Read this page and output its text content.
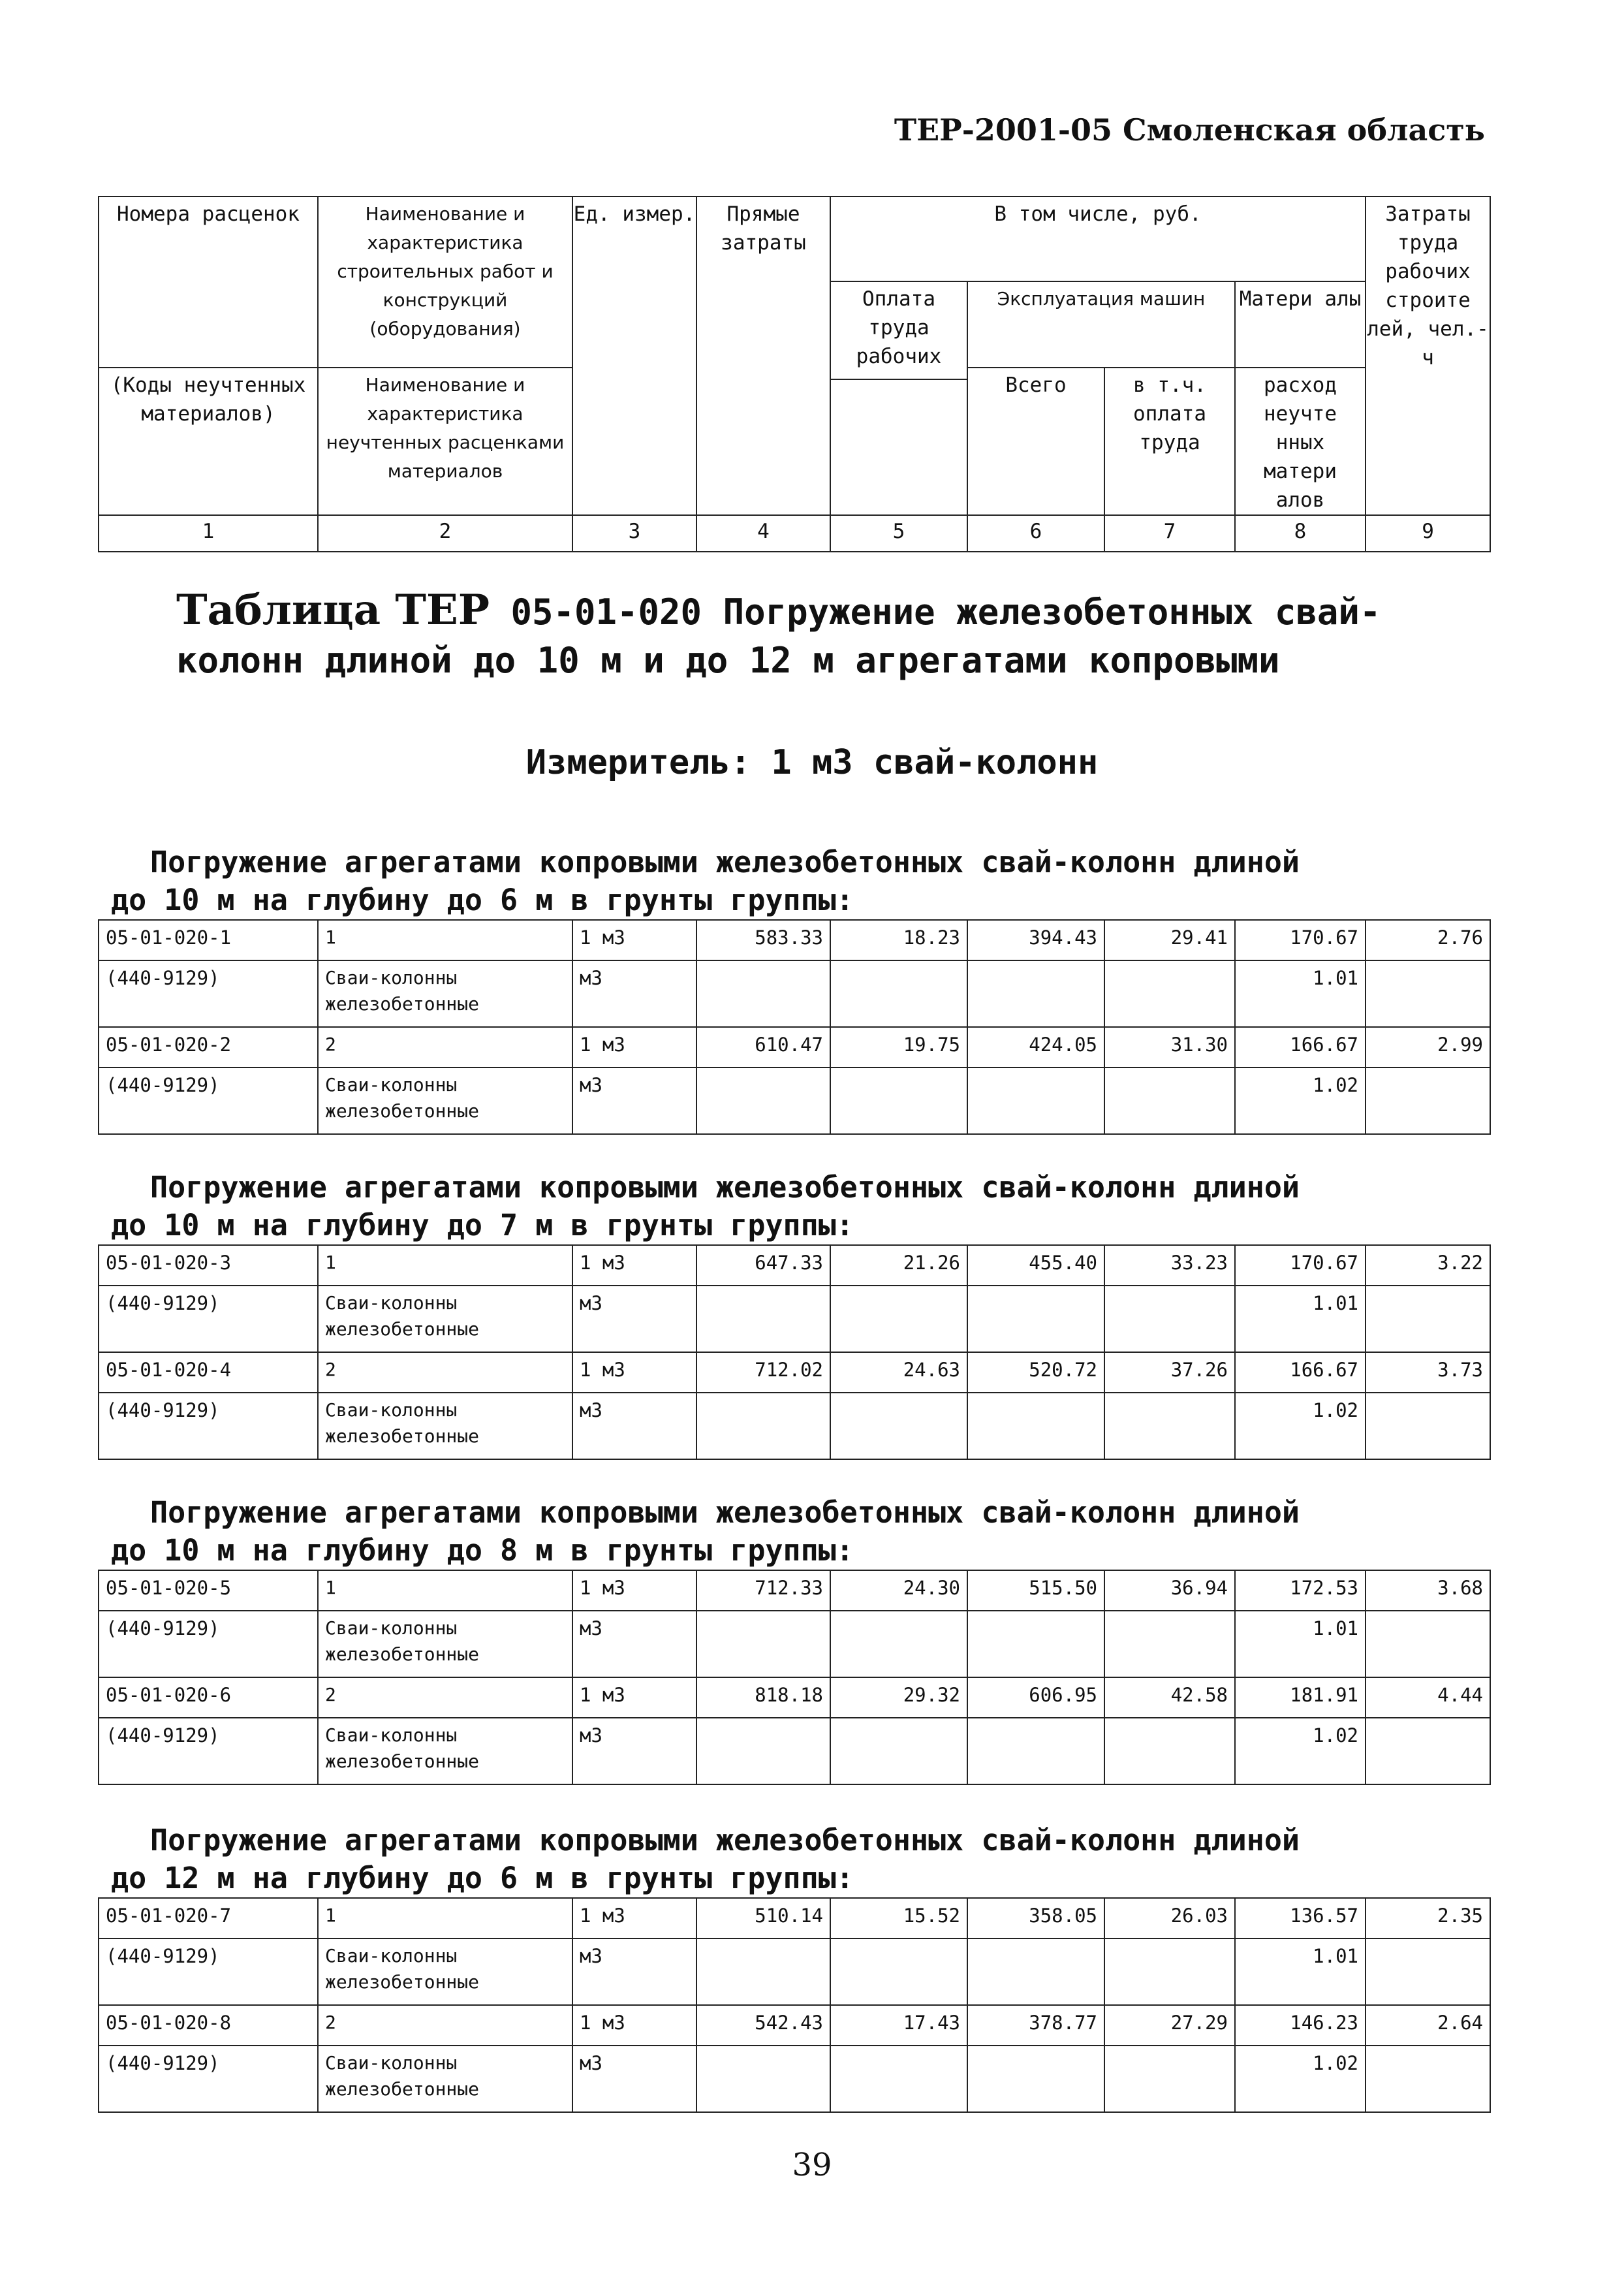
ТЕР-2001-05 Смоленская область
Номера расценок	Наименование и характеристика строительных работ и конструкций (оборудования)	Ед. измер.	Прямые затраты	В том числе, руб.				Затраты труда рабочих строите лей, чел.-ч
				Оплата труда рабочих	Эксплуатация машин		Матери алы	
(Коды неучтенных материалов)	Наименование и характеристика неучтенных расценками материалов				Всего	в т.ч. оплата труда	расход неучте нных матери алов	

1	2	3	4	5	6	7	8	9
Таблица ТЕР 05-01-020 Погружение железобетонных свай-
колонн длиной до 10 м и до 12 м агрегатами копровыми
Измеритель: 1 м3 свай-колонн
Погружение агрегатами копровыми железобетонных свай-колонн длиной
до 10 м на глубину до 6 м в грунты группы:
05-01-020-1	1	1 м3	583.33	18.23	394.43	29.41	170.67	2.76
(440-9129)	Сваи-колонны железобетонные	м3					1.01	
05-01-020-2	2	1 м3	610.47	19.75	424.05	31.30	166.67	2.99
(440-9129)	Сваи-колонны железобетонные	м3					1.02	
Погружение агрегатами копровыми железобетонных свай-колонн длиной
до 10 м на глубину до 7 м в грунты группы:
05-01-020-3	1	1 м3	647.33	21.26	455.40	33.23	170.67	3.22
(440-9129)	Сваи-колонны железобетонные	м3					1.01	
05-01-020-4	2	1 м3	712.02	24.63	520.72	37.26	166.67	3.73
(440-9129)	Сваи-колонны железобетонные	м3					1.02	
Погружение агрегатами копровыми железобетонных свай-колонн длиной
до 10 м на глубину до 8 м в грунты группы:
05-01-020-5	1	1 м3	712.33	24.30	515.50	36.94	172.53	3.68
(440-9129)	Сваи-колонны железобетонные	м3					1.01	
05-01-020-6	2	1 м3	818.18	29.32	606.95	42.58	181.91	4.44
(440-9129)	Сваи-колонны железобетонные	м3					1.02	
Погружение агрегатами копровыми железобетонных свай-колонн длиной
до 12 м на глубину до 6 м в грунты группы:
05-01-020-7	1	1 м3	510.14	15.52	358.05	26.03	136.57	2.35
(440-9129)	Сваи-колонны железобетонные	м3					1.01	
05-01-020-8	2	1 м3	542.43	17.43	378.77	27.29	146.23	2.64
(440-9129)	Сваи-колонны железобетонные	м3					1.02	
39
